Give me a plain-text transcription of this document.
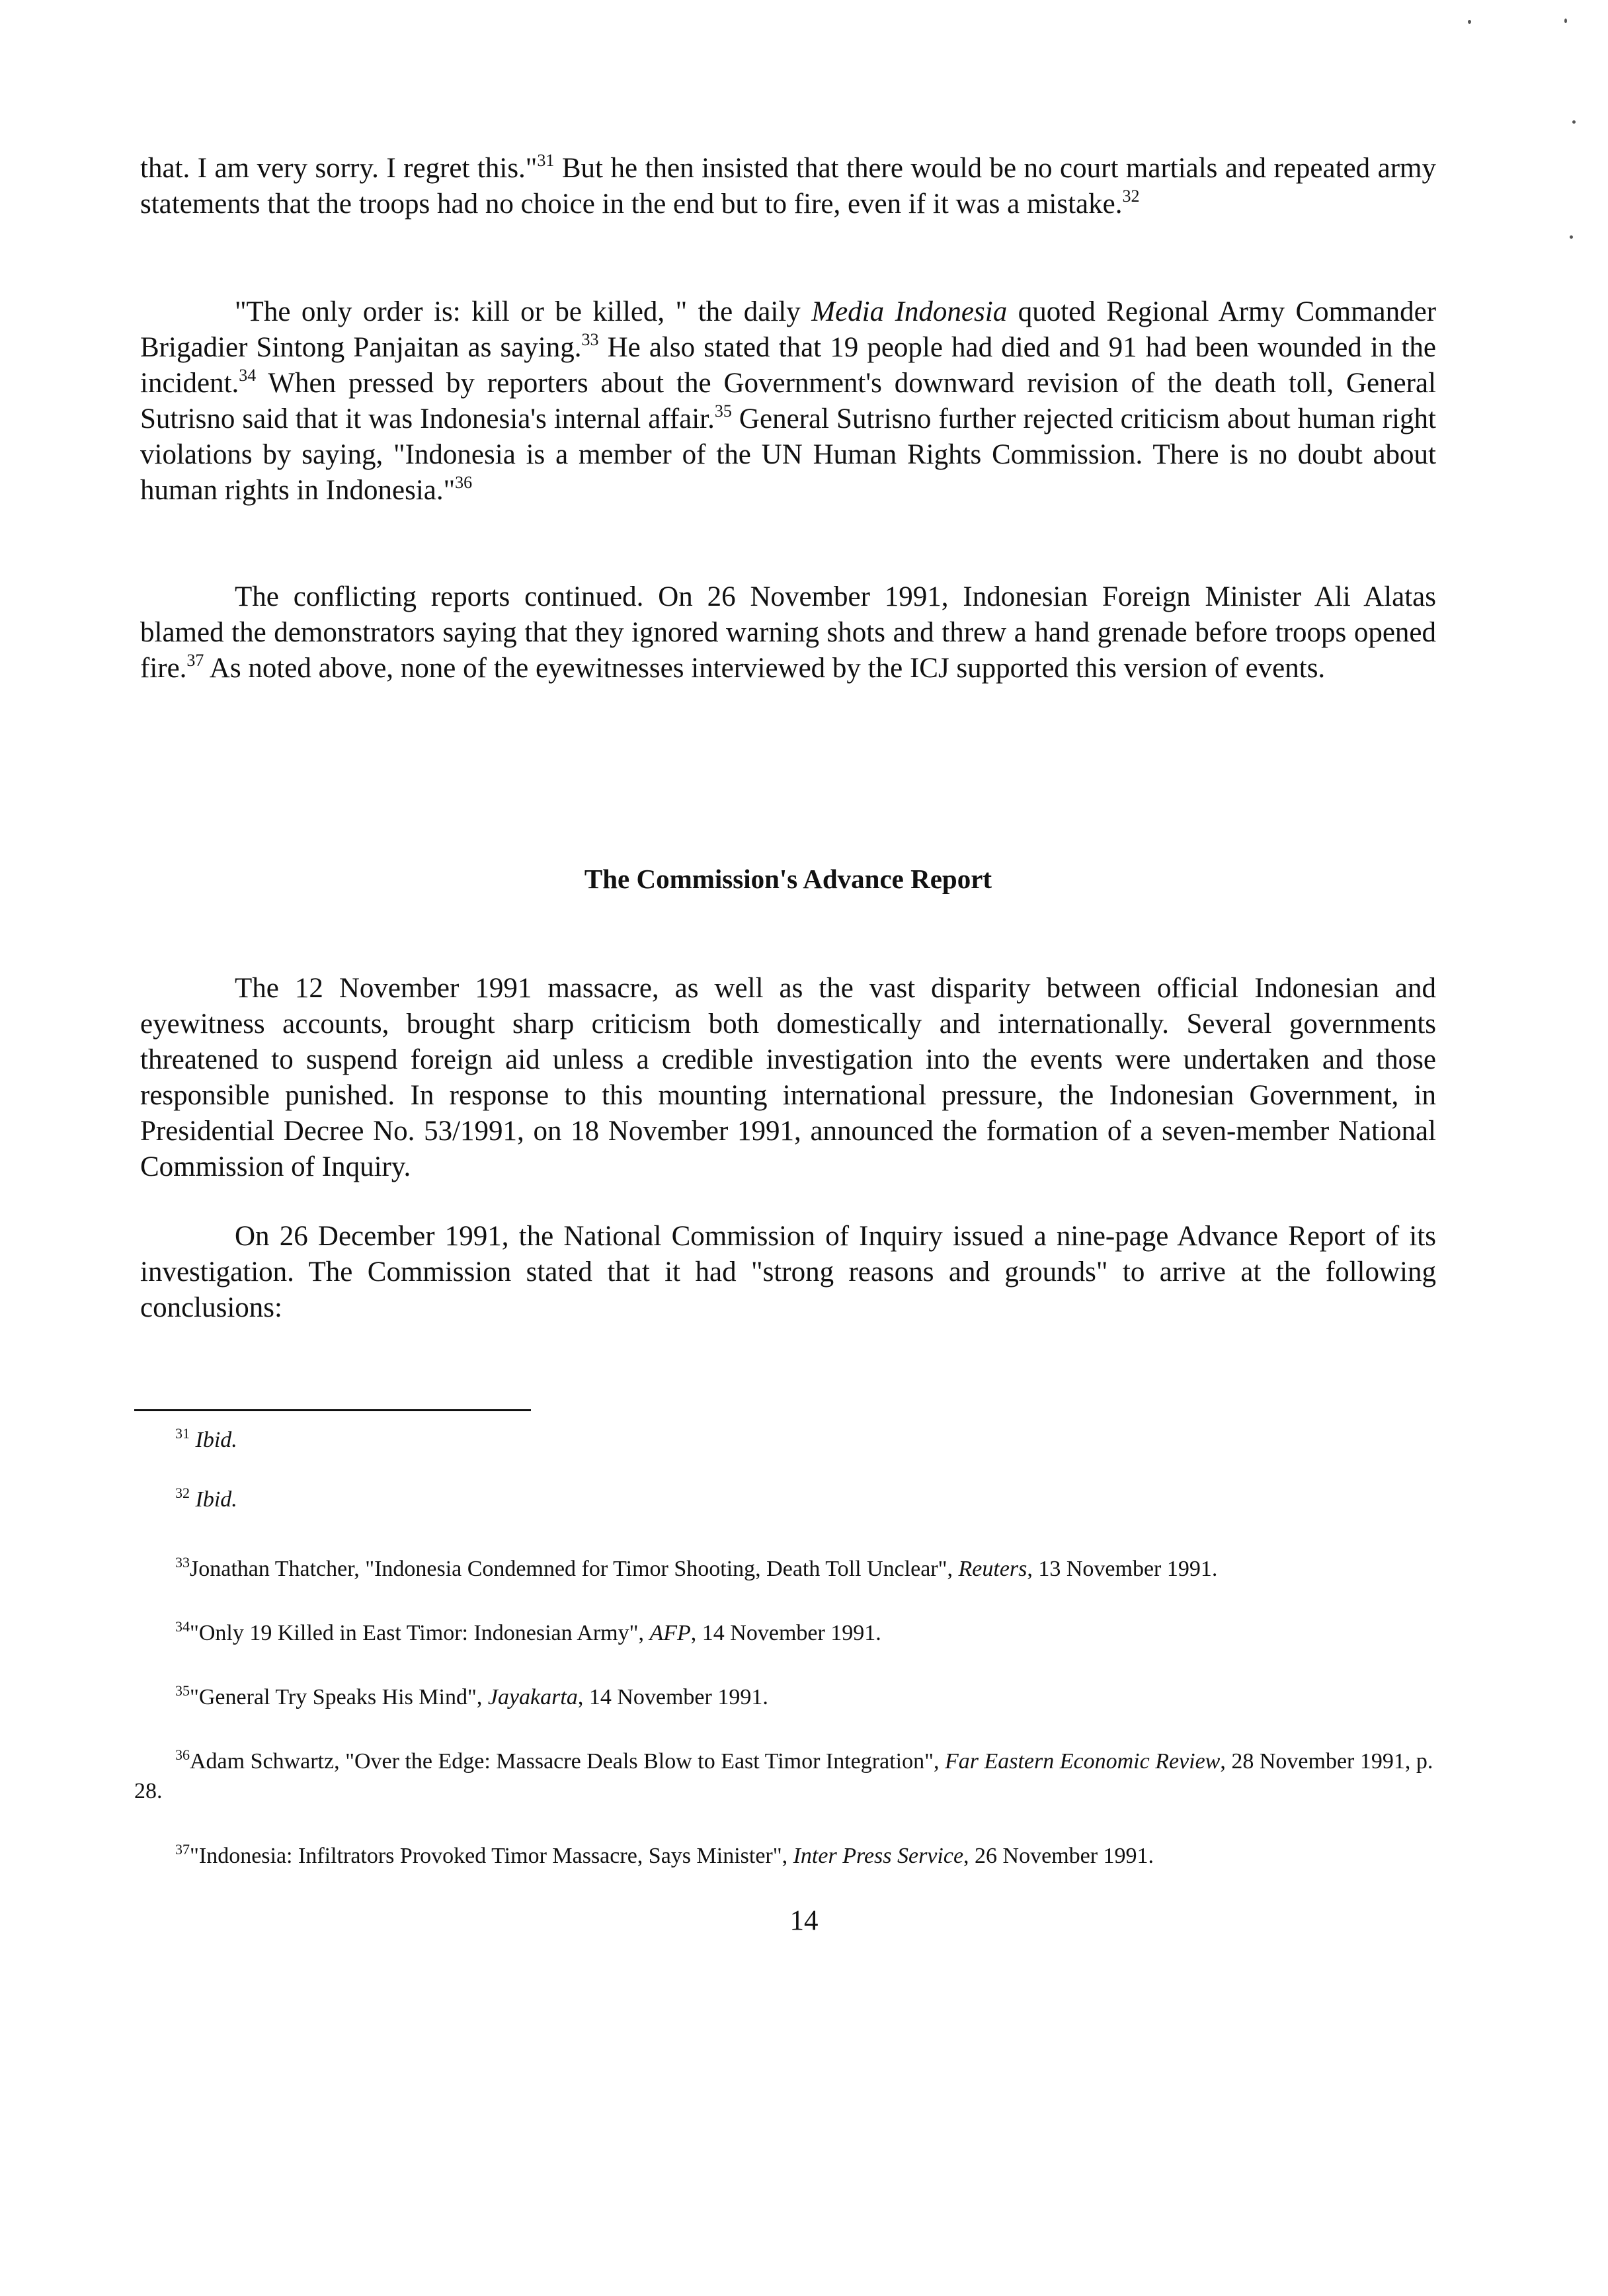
that. I am very sorry. I regret this."$^{31}$ But he then insisted that there would be no court martials and repeated army statements that the troops had no choice in the end but to fire, even if it was a mistake.$^{32}$

"The only order is: kill or be killed, " the daily Media Indonesia quoted Regional Army Commander Brigadier Sintong Panjaitan as saying.$^{33}$ He also stated that 19 people had died and 91 had been wounded in the incident.$^{34}$ When pressed by reporters about the Government's downward revision of the death toll, General Sutrisno said that it was Indonesia's internal affair.$^{35}$ General Sutrisno further rejected criticism about human right violations by saying, "Indonesia is a member of the UN Human Rights Commission. There is no doubt about human rights in Indonesia."$^{36}$

The conflicting reports continued. On 26 November 1991, Indonesian Foreign Minister Ali Alatas blamed the demonstrators saying that they ignored warning shots and threw a hand grenade before troops opened fire.$^{37}$ As noted above, none of the eyewitnesses interviewed by the ICJ supported this version of events.

The Commission's Advance Report

The 12 November 1991 massacre, as well as the vast disparity between official Indonesian and eyewitness accounts, brought sharp criticism both domestically and internationally. Several governments threatened to suspend foreign aid unless a credible investigation into the events were undertaken and those responsible punished. In response to this mounting international pressure, the Indonesian Government, in Presidential Decree No. 53/1991, on 18 November 1991, announced the formation of a seven-member National Commission of Inquiry.

On 26 December 1991, the National Commission of Inquiry issued a nine-page Advance Report of its investigation. The Commission stated that it had "strong reasons and grounds" to arrive at the following conclusions:

$^{31}$ Ibid.

$^{32}$ Ibid.

$^{33}$Jonathan Thatcher, "Indonesia Condemned for Timor Shooting, Death Toll Unclear", Reuters, 13 November 1991.

$^{34}$"Only 19 Killed in East Timor: Indonesian Army", AFP, 14 November 1991.

$^{35}$"General Try Speaks His Mind", Jayakarta, 14 November 1991.

$^{36}$Adam Schwartz, "Over the Edge: Massacre Deals Blow to East Timor Integration", Far Eastern Economic Review, 28 November 1991, p. 28.

$^{37}$"Indonesia: Infiltrators Provoked Timor Massacre, Says Minister", Inter Press Service, 26 November 1991.

14
